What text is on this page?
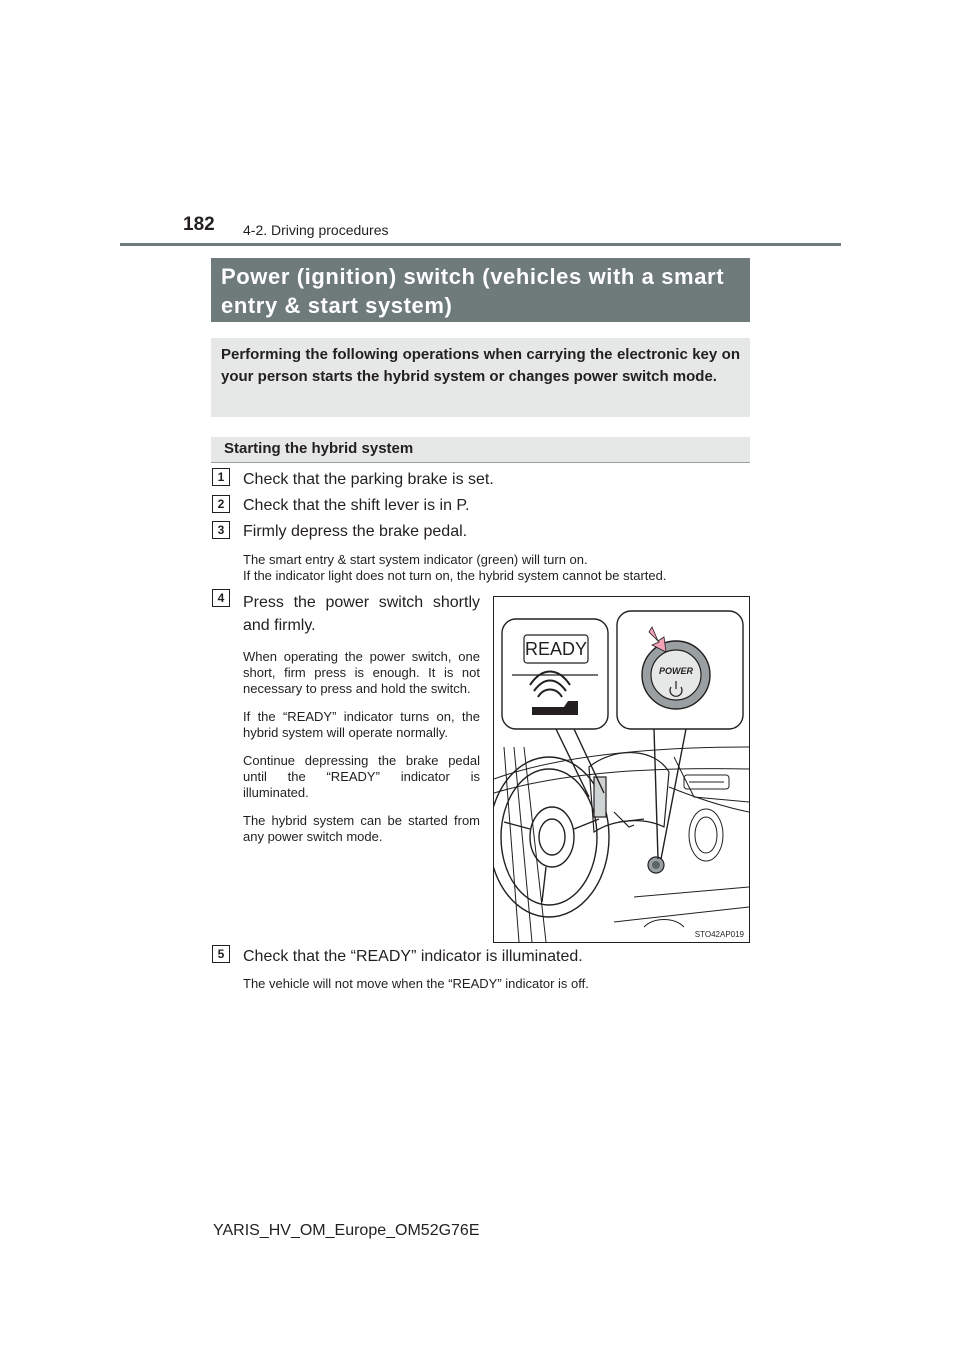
182 4-2. Driving procedures
Power (ignition) switch (vehicles with a smart entry & start system)
Performing the following operations when carrying the electronic key on your person starts the hybrid system or changes power switch mode.
Starting the hybrid system
1	Check that the parking brake is set.
2	Check that the shift lever is in P.
3	Firmly depress the brake pedal.
The smart entry & start system indicator (green) will turn on.
If the indicator light does not turn on, the hybrid system cannot be started.
4	Press the power switch shortly and firmly.
When operating the power switch, one short, firm press is enough. It is not necessary to press and hold the switch.
If the “READY” indicator turns on, the hybrid system will operate normally.
Continue depressing the brake pedal until the “READY” indicator is illuminated.
The hybrid system can be started from any power switch mode.
READY
POWER
STO42AP019
5	Check that the “READY” indicator is illuminated.
The vehicle will not move when the “READY” indicator is off.
YARIS_HV_OM_Europe_OM52G76E
